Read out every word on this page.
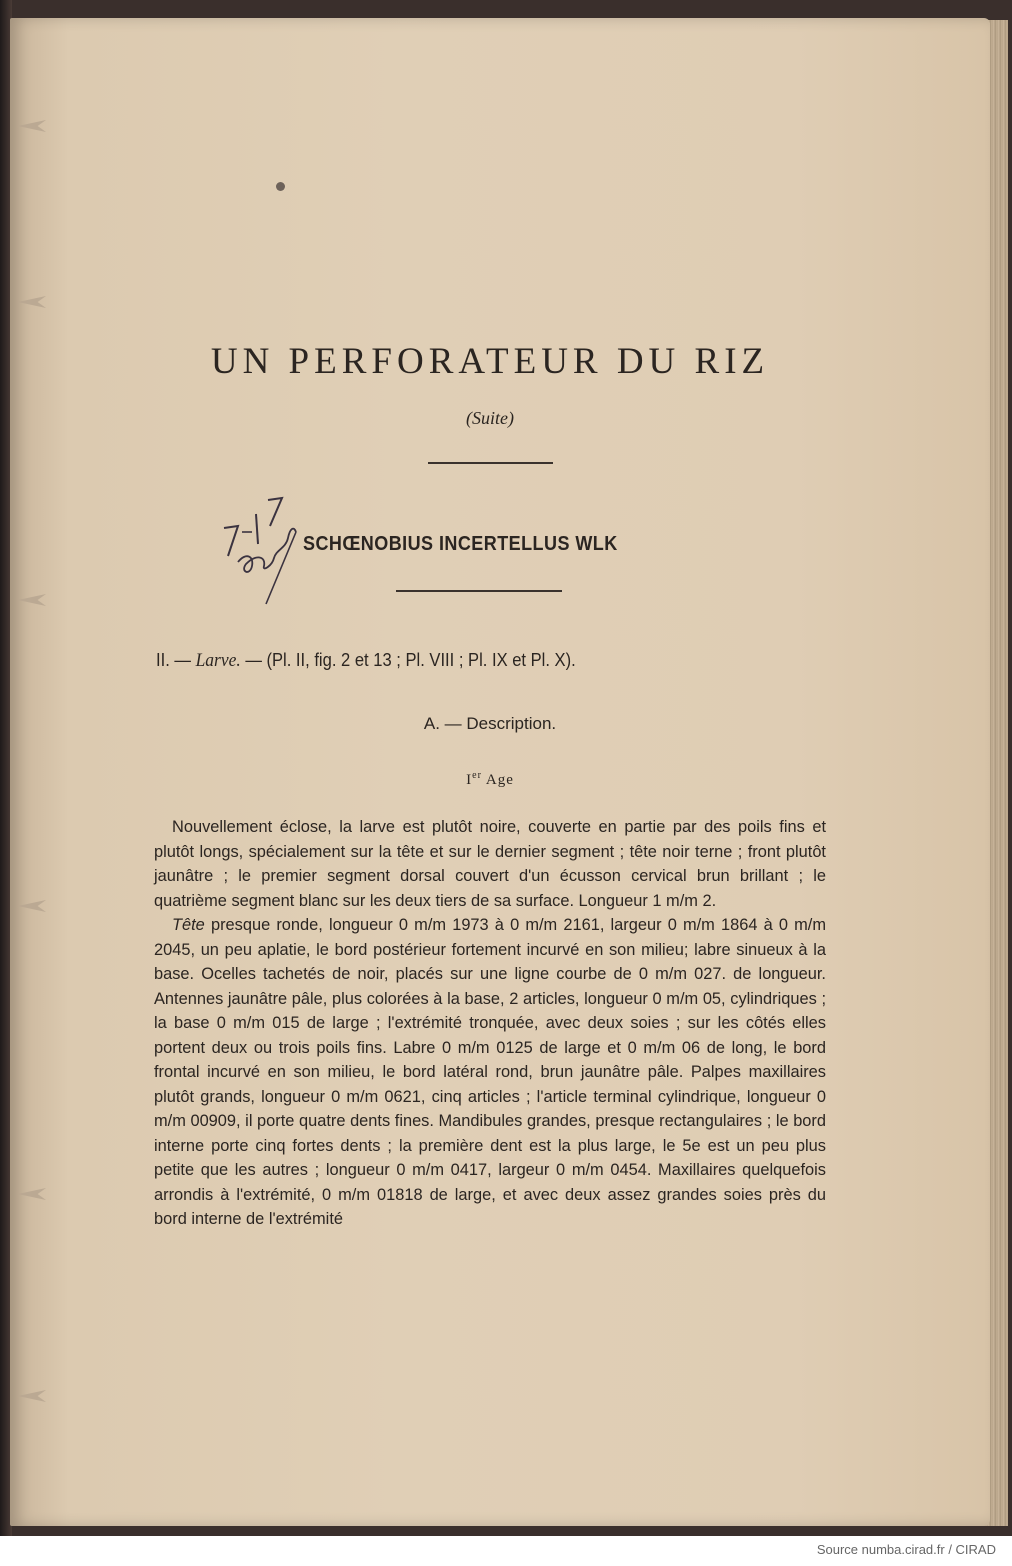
UN PERFORATEUR DU RIZ
(Suite)
SCHŒNOBIUS INCERTELLUS WLK
II. — Larve. — (Pl. II, fig. 2 et 13 ; Pl. VIII ; Pl. IX et Pl. X).
A. — Description.
Ier Age

Nouvellement éclose, la larve est plutôt noire, couverte en partie par des poils fins et plutôt longs, spécialement sur la tête et sur le dernier segment ; tête noir terne ; front plutôt jaunâtre ; le premier segment dorsal couvert d'un écusson cervical brun brillant ; le quatrième segment blanc sur les deux tiers de sa surface. Longueur 1 m/m 2.

Tête presque ronde, longueur 0 m/m 1973 à 0 m/m 2161, largeur 0 m/m 1864 à 0 m/m 2045, un peu aplatie, le bord postérieur fortement incurvé en son milieu; labre sinueux à la base. Ocelles tachetés de noir, placés sur une ligne courbe de 0 m/m 027. de longueur. Antennes jaunâtre pâle, plus colorées à la base, 2 articles, longueur 0 m/m 05, cylindriques ; la base 0 m/m 015 de large ; l'extrémité tronquée, avec deux soies ; sur les côtés elles portent deux ou trois poils fins. Labre 0 m/m 0125 de large et 0 m/m 06 de long, le bord frontal incurvé en son milieu, le bord latéral rond, brun jaunâtre pâle. Palpes maxillaires plutôt grands, longueur 0 m/m 0621, cinq articles ; l'article terminal cylindrique, longueur 0 m/m 00909, il porte quatre dents fines. Mandibules grandes, presque rectangulaires ; le bord interne porte cinq fortes dents ; la première dent est la plus large, le 5e est un peu plus petite que les autres ; longueur 0 m/m 0417, largeur 0 m/m 0454. Maxillaires quelquefois arrondis à l'extrémité, 0 m/m 01818 de large, et avec deux assez grandes soies près du bord interne de l'extrémité

Source numba.cirad.fr / CIRAD
